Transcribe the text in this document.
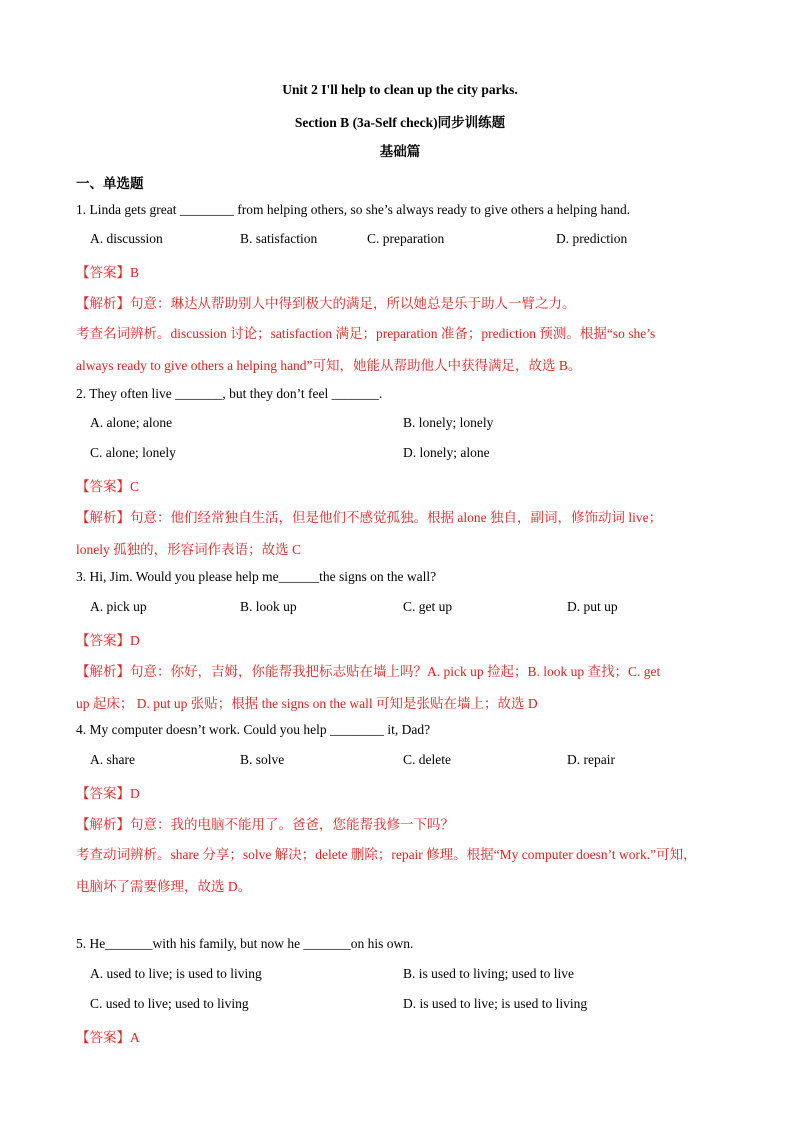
Unit 2 I'll help to clean up the city parks.
Section B (3a-Self check)同步训练题
基础篇
一、单选题
1. Linda gets great ________ from helping others, so she’s always ready to give others a helping hand.
A. discussion	B. satisfaction	C. preparation	D. prediction
【答案】B
【解析】句意：琳达从帮助别人中得到极大的满足，所以她总是乐于助人一臂之力。
考查名词辨析。discussion 讨论；satisfaction 满足；preparation 准备；prediction 预测。根据“so she’s
always ready to give others a helping hand”可知，她能从帮助他人中获得满足，故选 B。
2. They often live _______, but they don’t feel _______.
A. alone; alone	B. lonely; lonely
C. alone; lonely	D. lonely; alone
【答案】C
【解析】句意：他们经常独自生活，但是他们不感觉孤独。根据 alone 独自，副词，修饰动词 live；
lonely 孤独的，形容词作表语；故选 C
3. Hi, Jim. Would you please help me______the signs on the wall?
A. pick up	B. look up	C. get up	D. put up
【答案】D
【解析】句意：你好，吉姆，你能帮我把标志贴在墙上吗？A. pick up 捡起；B. look up 查找；C. get
up 起床； D. put up 张贴；根据 the signs on the wall 可知是张贴在墙上；故选 D
4. My computer doesn’t work. Could you help ________ it, Dad?
A. share	B. solve	C. delete	D. repair
【答案】D
【解析】句意：我的电脑不能用了。爸爸，您能帮我修一下吗？
考查动词辨析。share 分享；solve 解决；delete 删除；repair 修理。根据“My computer doesn’t work.”可知，
电脑坏了需要修理，故选 D。
5. He_______with his family, but now he _______on his own.
A. used to live; is used to living	B. is used to living; used to live
C. used to live; used to living	D. is used to live; is used to living
【答案】A
